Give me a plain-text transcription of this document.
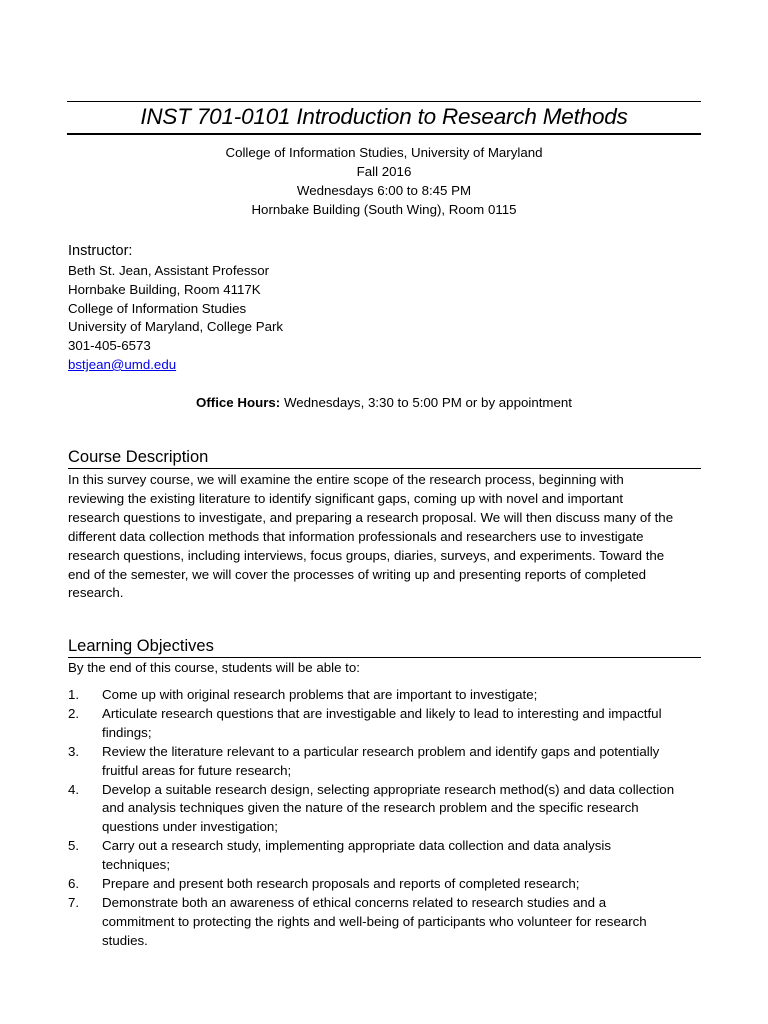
INST 701-0101 Introduction to Research Methods
College of Information Studies, University of Maryland
Fall 2016
Wednesdays 6:00 to 8:45 PM
Hornbake Building (South Wing), Room 0115
Instructor:
Beth St. Jean, Assistant Professor
Hornbake Building, Room 4117K
College of Information Studies
University of Maryland, College Park
301-405-6573
bstjean@umd.edu
Office Hours: Wednesdays, 3:30 to 5:00 PM or by appointment
Course Description
In this survey course, we will examine the entire scope of the research process, beginning with
reviewing the existing literature to identify significant gaps, coming up with novel and important
research questions to investigate, and preparing a research proposal. We will then discuss many of the
different data collection methods that information professionals and researchers use to investigate
research questions, including interviews, focus groups, diaries, surveys, and experiments. Toward the
end of the semester, we will cover the processes of writing up and presenting reports of completed
research.
Learning Objectives
By the end of this course, students will be able to:
1.	Come up with original research problems that are important to investigate;
2.	Articulate research questions that are investigable and likely to lead to interesting and impactful
findings;
3.	Review the literature relevant to a particular research problem and identify gaps and potentially
fruitful areas for future research;
4.	Develop a suitable research design, selecting appropriate research method(s) and data collection
and analysis techniques given the nature of the research problem and the specific research
questions under investigation;
5.	Carry out a research study, implementing appropriate data collection and data analysis
techniques;
6.	Prepare and present both research proposals and reports of completed research;
7.	Demonstrate both an awareness of ethical concerns related to research studies and a
commitment to protecting the rights and well-being of participants who volunteer for research
studies.
